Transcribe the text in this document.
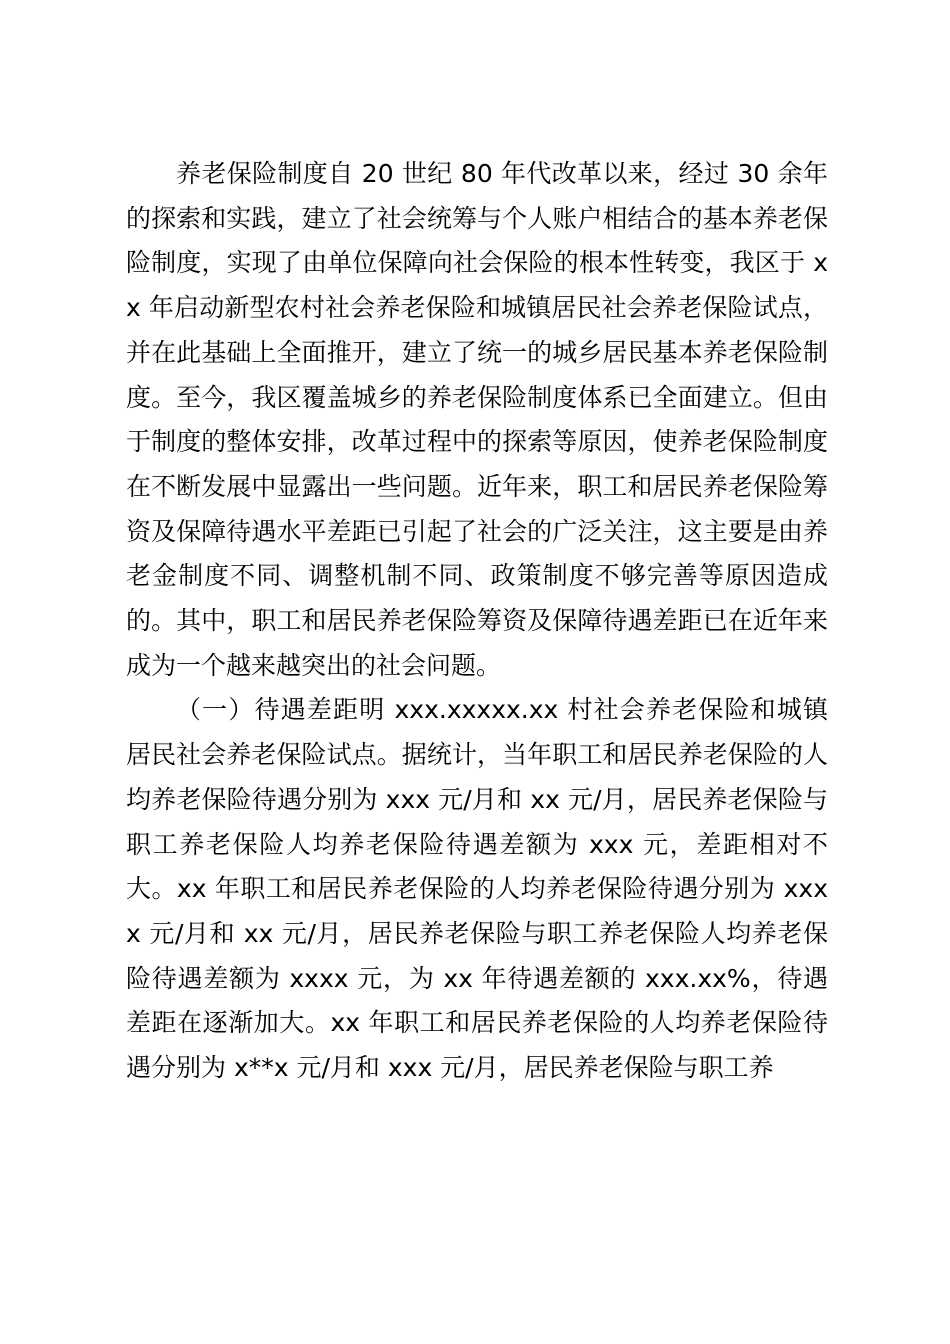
养老保险制度自 20 世纪 80 年代改革以来，经过 30 余年的探索和实践，建立了社会统筹与个人账户相结合的基本养老保险制度，实现了由单位保障向社会保险的根本性转变，我区于 xx 年启动新型农村社会养老保险和城镇居民社会养老保险试点，并在此基础上全面推开，建立了统一的城乡居民基本养老保险制度。至今，我区覆盖城乡的养老保险制度体系已全面建立。但由于制度的整体安排，改革过程中的探索等原因，使养老保险制度在不断发展中显露出一些问题。近年来，职工和居民养老保险筹资及保障待遇水平差距已引起了社会的广泛关注，这主要是由养老金制度不同、调整机制不同、政策制度不够完善等原因造成的。其中，职工和居民养老保险筹资及保障待遇差距已在近年来成为一个越来越突出的社会问题。

（一）待遇差距明 xxx.xxxxx.xx 村社会养老保险和城镇居民社会养老保险试点。据统计，当年职工和居民养老保险的人均养老保险待遇分别为 xxx 元/月和 xx 元/月，居民养老保险与职工养老保险人均养老保险待遇差额为 xxx 元，差距相对不大。xx 年职工和居民养老保险的人均养老保险待遇分别为 xxxx 元/月和 xx 元/月，居民养老保险与职工养老保险人均养老保险待遇差额为 xxxx 元，为 xx 年待遇差额的 xxx.xx%，待遇差距在逐渐加大。xx 年职工和居民养老保险的人均养老保险待遇分别为 x**x 元/月和 xxx 元/月，居民养老保险与职工养
